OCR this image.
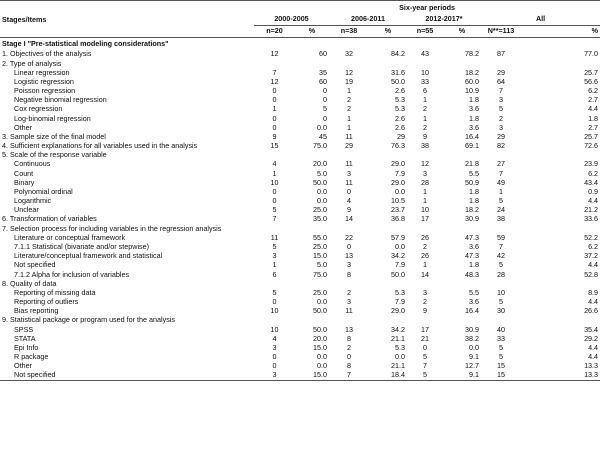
Stages/Items	Six-year periods							
	2000-2005		2006-2011		2012-2017*		All	
	n=20	%	n=38	%	n=55	%	N**=113	%
Stage I "Pre-statistical modeling considerations"								
1. Objectives of the analysis	12	60	32	84.2	43	78.2	87	77.0
2. Type of analysis								
Linear regression	7	35	12	31.6	10	18.2	29	25.7
Logistic regression	12	60	19	50.0	33	60.0	64	56.6
Poisson regression	0	0	1	2.6	6	10.9	7	6.2
Negative binomial regression	0	0	2	5.3	1	1.8	3	2.7
Cox regression	1	5	2	5.3	2	3.6	5	4.4
Log-binomial regression	0	0	1	2.6	1	1.8	2	1.8
Other	0	0.0	1	2.6	2	3.6	3	2.7
3. Sample size of the final model	9	45	11	29	9	16.4	29	25.7
4. Sufficient explanations for all variables used in the analysis	15	75.0	29	76.3	38	69.1	82	72.6
5. Scale of the response variable								
Continuous	4	20.0	11	29.0	12	21.8	27	23.9
Count	1	5.0	3	7.9	3	5.5	7	6.2
Binary	10	50.0	11	29.0	28	50.9	49	43.4
Polynomial ordinal	0	0.0	0	0.0	1	1.8	1	0.9
Logarithmic	0	0.0	4	10.5	1	1.8	5	4.4
Unclear	5	25.0	9	23.7	10	18.2	24	21.2
6. Transformation of variables	7	35.0	14	36.8	17	30.9	38	33.6
7. Selection process for including variables in the regression analysis								
Literature or conceptual framework	11	55.0	22	57.9	26	47.3	59	52.2
7.1.1 Statistical (bivariate and/or stepwise)	5	25.0	0	0.0	2	3.6	7	6.2
Literature/conceptual framework and statistical	3	15.0	13	34.2	26	47.3	42	37.2
Not specified	1	5.0	3	7.9	1	1.8	5	4.4
7.1.2 Alpha for inclusion of variables	6	75.0	8	50.0	14	48.3	28	52.8
8. Quality of data								
Reporting of missing data	5	25.0	2	5.3	3	5.5	10	8.9
Reporting of outliers	0	0.0	3	7.9	2	3.6	5	4.4
Bias reporting	10	50.0	11	29.0	9	16.4	30	26.6
9. Statistical package or program used for the analysis								
SPSS	10	50.0	13	34.2	17	30.9	40	35.4
STATA	4	20.0	8	21.1	21	38.2	33	29.2
Epi Info	3	15.0	2	5.3	0	0.0	5	4.4
R package	0	0.0	0	0.0	5	9.1	5	4.4
Other	0	0.0	8	21.1	7	12.7	15	13.3
Not specified	3	15.0	7	18.4	5	9.1	15	13.3
